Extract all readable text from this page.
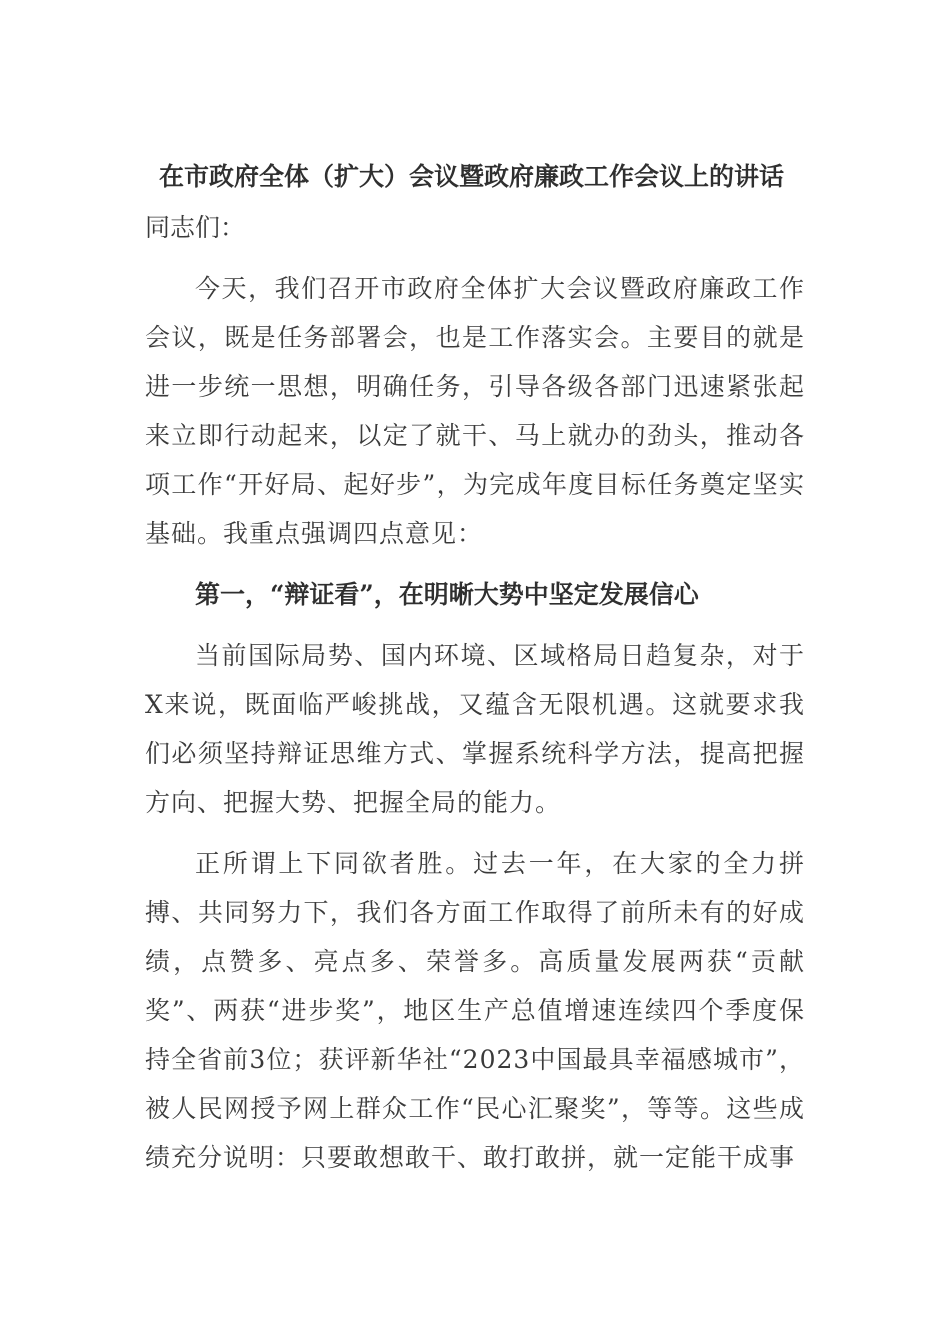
在市政府全体（扩大）会议暨政府廉政工作会议上的讲话
同志们：
今天，我们召开市政府全体扩大会议暨政府廉政工作会议，既是任务部署会，也是工作落实会。主要目的就是进一步统一思想，明确任务，引导各级各部门迅速紧张起来立即行动起来，以定了就干、马上就办的劲头，推动各项工作“开好局、起好步”，为完成年度目标任务奠定坚实基础。我重点强调四点意见：
第一，“辩证看”，在明晰大势中坚定发展信心
当前国际局势、国内环境、区域格局日趋复杂，对于X来说，既面临严峻挑战，又蕴含无限机遇。这就要求我们必须坚持辩证思维方式、掌握系统科学方法，提高把握方向、把握大势、把握全局的能力。
正所谓上下同欲者胜。过去一年，在大家的全力拼搏、共同努力下，我们各方面工作取得了前所未有的好成绩，点赞多、亮点多、荣誉多。高质量发展两获“贡献奖”、两获“进步奖”，地区生产总值增速连续四个季度保持全省前3位；获评新华社“2023中国最具幸福感城市”，被人民网授予网上群众工作“民心汇聚奖”，等等。这些成绩充分说明：只要敢想敢干、敢打敢拼，就一定能干成事
